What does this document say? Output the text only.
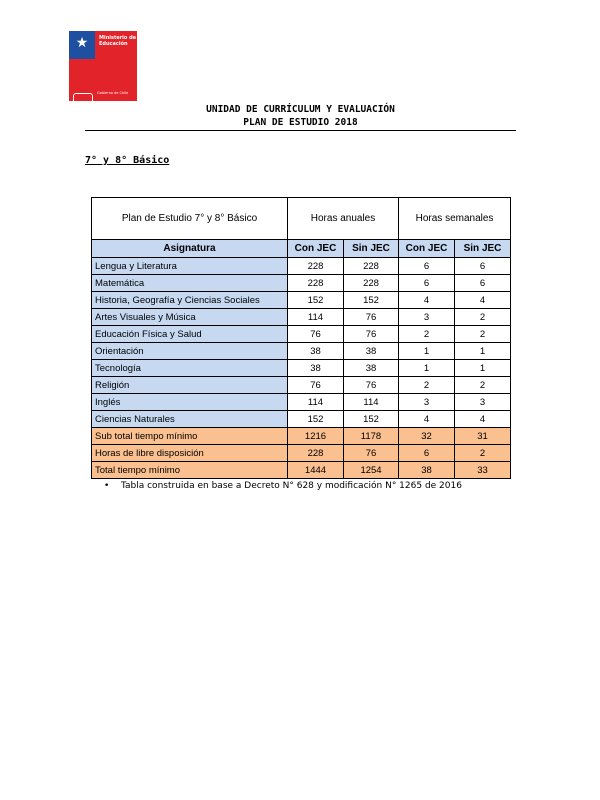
★ Ministerio de Educación
Gobierno de Chile
UNIDAD DE CURRÍCULUM Y EVALUACIÓN
PLAN DE ESTUDIO 2018
7° y 8° Básico
Plan de Estudio 7° y 8° Básico	Horas anuales		Horas semanales	
Asignatura	Con JEC	Sin JEC	Con JEC	Sin JEC
Lengua y Literatura	228	228	6	6
Matemática	228	228	6	6
Historia, Geografía y Ciencias Sociales	152	152	4	4
Artes Visuales y Música	114	76	3	2
Educación Física y Salud	76	76	2	2
Orientación	38	38	1	1
Tecnología	38	38	1	1
Religión	76	76	2	2
Inglés	114	114	3	3
Ciencias Naturales	152	152	4	4
Sub total tiempo mínimo	1216	1178	32	31
Horas de libre disposición	228	76	6	2
Total tiempo mínimo	1444	1254	38	33
• Tabla construida en base a Decreto N° 628 y modificación N° 1265 de 2016
